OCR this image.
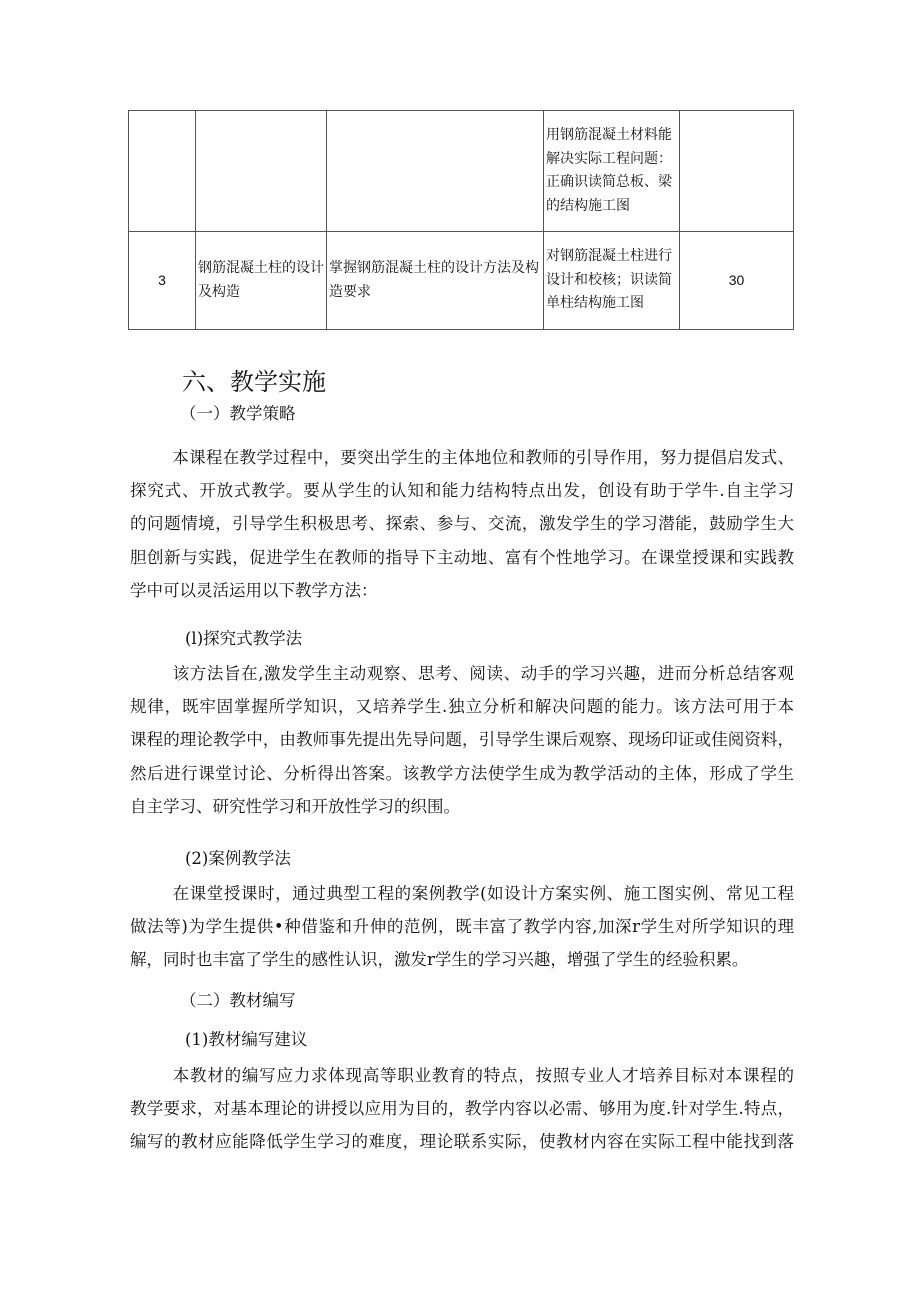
			用钢筋混凝土材料能解决实际工程问题：正确识读简总板、梁的结构施工图	
3	钢筋混凝土柱的设计及构造	掌握钢筋混凝土柱的设计方法及构造要求	对钢筋混凝土柱进行设计和校核；识读简单柱结构施工图	30
六、教学实施
（一）教学策略
本课程在教学过程中，要突出学生的主体地位和教师的引导作用，努力提倡启发式、
探究式、开放式教学。要从学生的认知和能力结构特点出发，创设有助于学牛.自主学习
的问题情境，引导学生积极思考、探索、参与、交流，激发学生的学习潜能，鼓励学生大
胆创新与实践，促进学生在教师的指导下主动地、富有个性地学习。在课堂授课和实践教
学中可以灵活运用以下教学方法：
(l)探究式教学法
该方法旨在,激发学生主动观察、思考、阅读、动手的学习兴趣，进而分析总结客观
规律，既牢固掌握所学知识，又培养学生.独立分析和解决问题的能力。该方法可用于本
课程的理论教学中，由教师事先提出先导问题，引导学生课后观察、现场印证或佳阅资料，
然后进行课堂讨论、分析得出答案。该教学方法使学生成为教学活动的主体，形成了学生
自主学习、研究性学习和开放性学习的织围。
(2)案例教学法
在课堂授课时，通过典型工程的案例教学(如设计方案实例、施工图实例、常见工程
做法等)为学生提供•种借鉴和升伸的范例，既丰富了教学内容,加深r学生对所学知识的理
解，同时也丰富了学生的感性认识，激发r学生的学习兴趣，增强了学生的经验积累。
（二）教材编写
(1)教材编写建议
本教材的编写应力求体现高等职业教育的特点，按照专业人才培养目标对本课程的
教学要求，对基本理论的讲授以应用为目的，教学内容以必需、够用为度.针对学生.特点，
编写的教材应能降低学生学习的难度，理论联系实际，使教材内容在实际工程中能找到落
